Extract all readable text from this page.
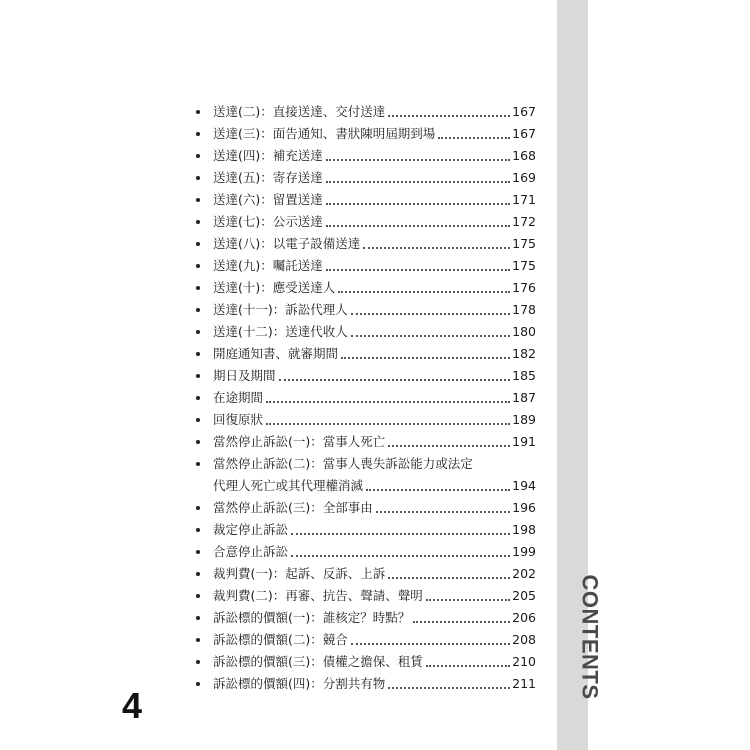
CONTENTS
送達(二)：直接送達、交付送達	167
送達(三)：面告通知、書狀陳明屆期到場	167
送達(四)：補充送達	168
送達(五)：寄存送達	169
送達(六)：留置送達	171
送達(七)：公示送達	172
送達(八)：以電子設備送達	175
送達(九)：囑託送達	175
送達(十)：應受送達人	176
送達(十一)：訴訟代理人	178
送達(十二)：送達代收人	180
開庭通知書、就審期間	182
期日及期間	185
在途期間	187
回復原狀	189
當然停止訴訟(一)：當事人死亡	191
當然停止訴訟(二)：當事人喪失訴訟能力或法定
代理人死亡或其代理權消滅	194
當然停止訴訟(三)：全部事由	196
裁定停止訴訟	198
合意停止訴訟	199
裁判費(一)：起訴、反訴、上訴	202
裁判費(二)：再審、抗告、聲請、聲明	205
訴訟標的價額(一)：誰核定？時點？	206
訴訟標的價額(二)：競合	208
訴訟標的價額(三)：債權之擔保、租賃	210
訴訟標的價額(四)：分割共有物	211
4
